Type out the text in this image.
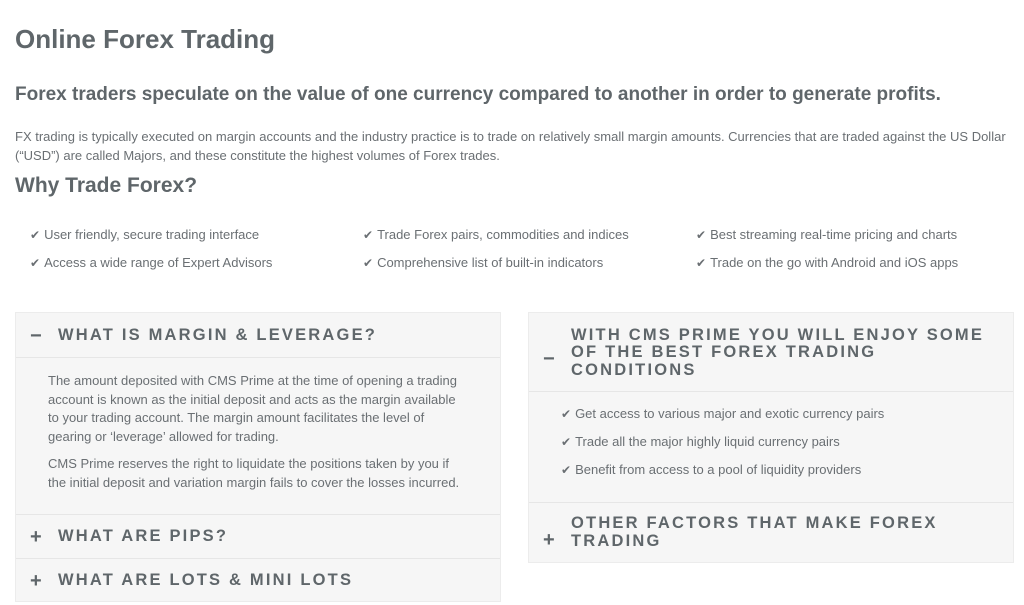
Online Forex Trading
Forex traders speculate on the value of one currency compared to another in order to generate profits.

FX trading is typically executed on margin accounts and the industry practice is to trade on relatively small margin amounts. Currencies that are traded against the US Dollar (“USD”) are called Majors, and these constitute the highest volumes of Forex trades.

Why Trade Forex?
✔ User friendly, secure trading interface	✔ Trade Forex pairs, commodities and indices	✔ Best streaming real-time pricing and charts
✔ Access a wide range of Expert Advisors	✔ Comprehensive list of built-in indicators	✔ Trade on the go with Android and iOS apps
− WHAT IS MARGIN & LEVERAGE?

The amount deposited with CMS Prime at the time of opening a trading account is known as the initial deposit and acts as the margin available to your trading account. The margin amount facilitates the level of gearing or ‘leverage’ allowed for trading.

CMS Prime reserves the right to liquidate the positions taken by you if the initial deposit and variation margin fails to cover the losses incurred.

+ WHAT ARE PIPS?
+ WHAT ARE LOTS & MINI LOTS
−
WITH CMS PRIME YOU WILL ENJOY SOME OF THE BEST FOREX TRADING CONDITIONS
✔ Get access to various major and exotic currency pairs
✔ Trade all the major highly liquid currency pairs
✔ Benefit from access to a pool of liquidity providers
+
OTHER FACTORS THAT MAKE FOREX TRADING
